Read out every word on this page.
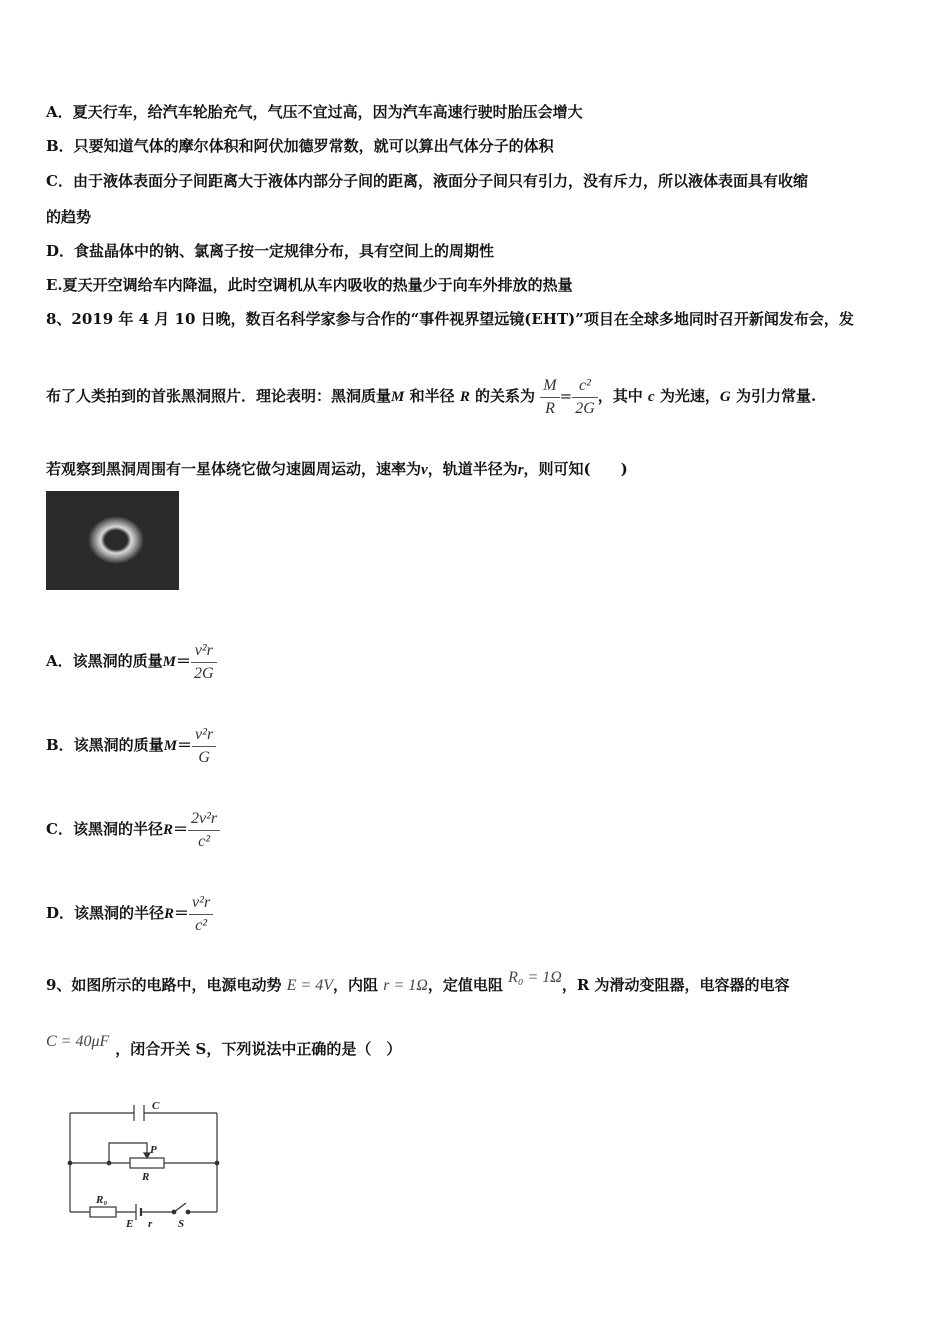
A．夏天行车，给汽车轮胎充气，气压不宜过高，因为汽车高速行驶时胎压会增大
B．只要知道气体的摩尔体积和阿伏加德罗常数，就可以算出气体分子的体积
C．由于液体表面分子间距离大于液体内部分子间的距离，液面分子间只有引力，没有斥力，所以液体表面具有收缩
的趋势
D．食盐晶体中的钠、氯离子按一定规律分布，具有空间上的周期性
E.夏天开空调给车内降温，此时空调机从车内吸收的热量少于向车外排放的热量
8、2019 年 4 月 10 日晚，数百名科学家参与合作的“事件视界望远镜(EHT)”项目在全球多地同时召开新闻发布会，发
布了人类拍到的首张黑洞照片．理论表明：黑洞质量M 和半径 R 的关系为 $\frac{M}{R} = \frac{\text{c²}}{2G}$ ，其中 c 为光速，G 为引力常量.
若观察到黑洞周围有一星体绕它做匀速圆周运动，速率为v，轨道半径为r，则可知(　　)
A．该黑洞的质量$M= \frac{\text{v²r}}{2G}$
B．该黑洞的质量$M= \frac{\text{v²r}}{G}$
C．该黑洞的半径$R= \frac{\text{2v²r}}{\text{c²}}$
D．该黑洞的半径$R= \frac{\text{v²r}}{\text{c²}}$
9、如图所示的电路中，电源电动势 E = 4V，内阻 r = 1Ω，定值电阻 R₀ = 1Ω，R 为滑动变阻器，电容器的电容
C = 40μF ，闭合开关 S，下列说法中正确的是（　）
C
P
R
R₀
E r S
